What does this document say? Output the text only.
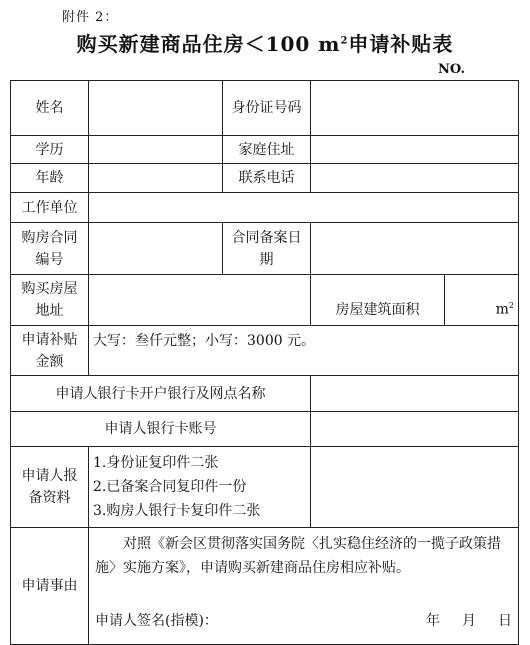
附件 2：
购买新建商品住房＜100 $m^2$申请补贴表
NO.
姓名		身份证号码		
学历		家庭住址		
年龄		联系电话		
工作单位				
购房合同编号		合同备案日期		
购买房屋地址			房屋建筑面积	$m^2$
申请补贴金额	大写：叁仟元整；小写：3000 元。			
申请人银行卡开户银行及网点名称				
申请人银行卡账号				
申请人报备资料	1.身份证复印件二张

2.已备案合同复印件一份

3.购房人银行卡复印件二张			

申请事由	对照《新会区贯彻落实国务院〈扎实稳住经济的一揽子政策措施〉实施方案》，申请购买新建商品住房相应补贴。

申请人签名(指模)： 年 月 日			
